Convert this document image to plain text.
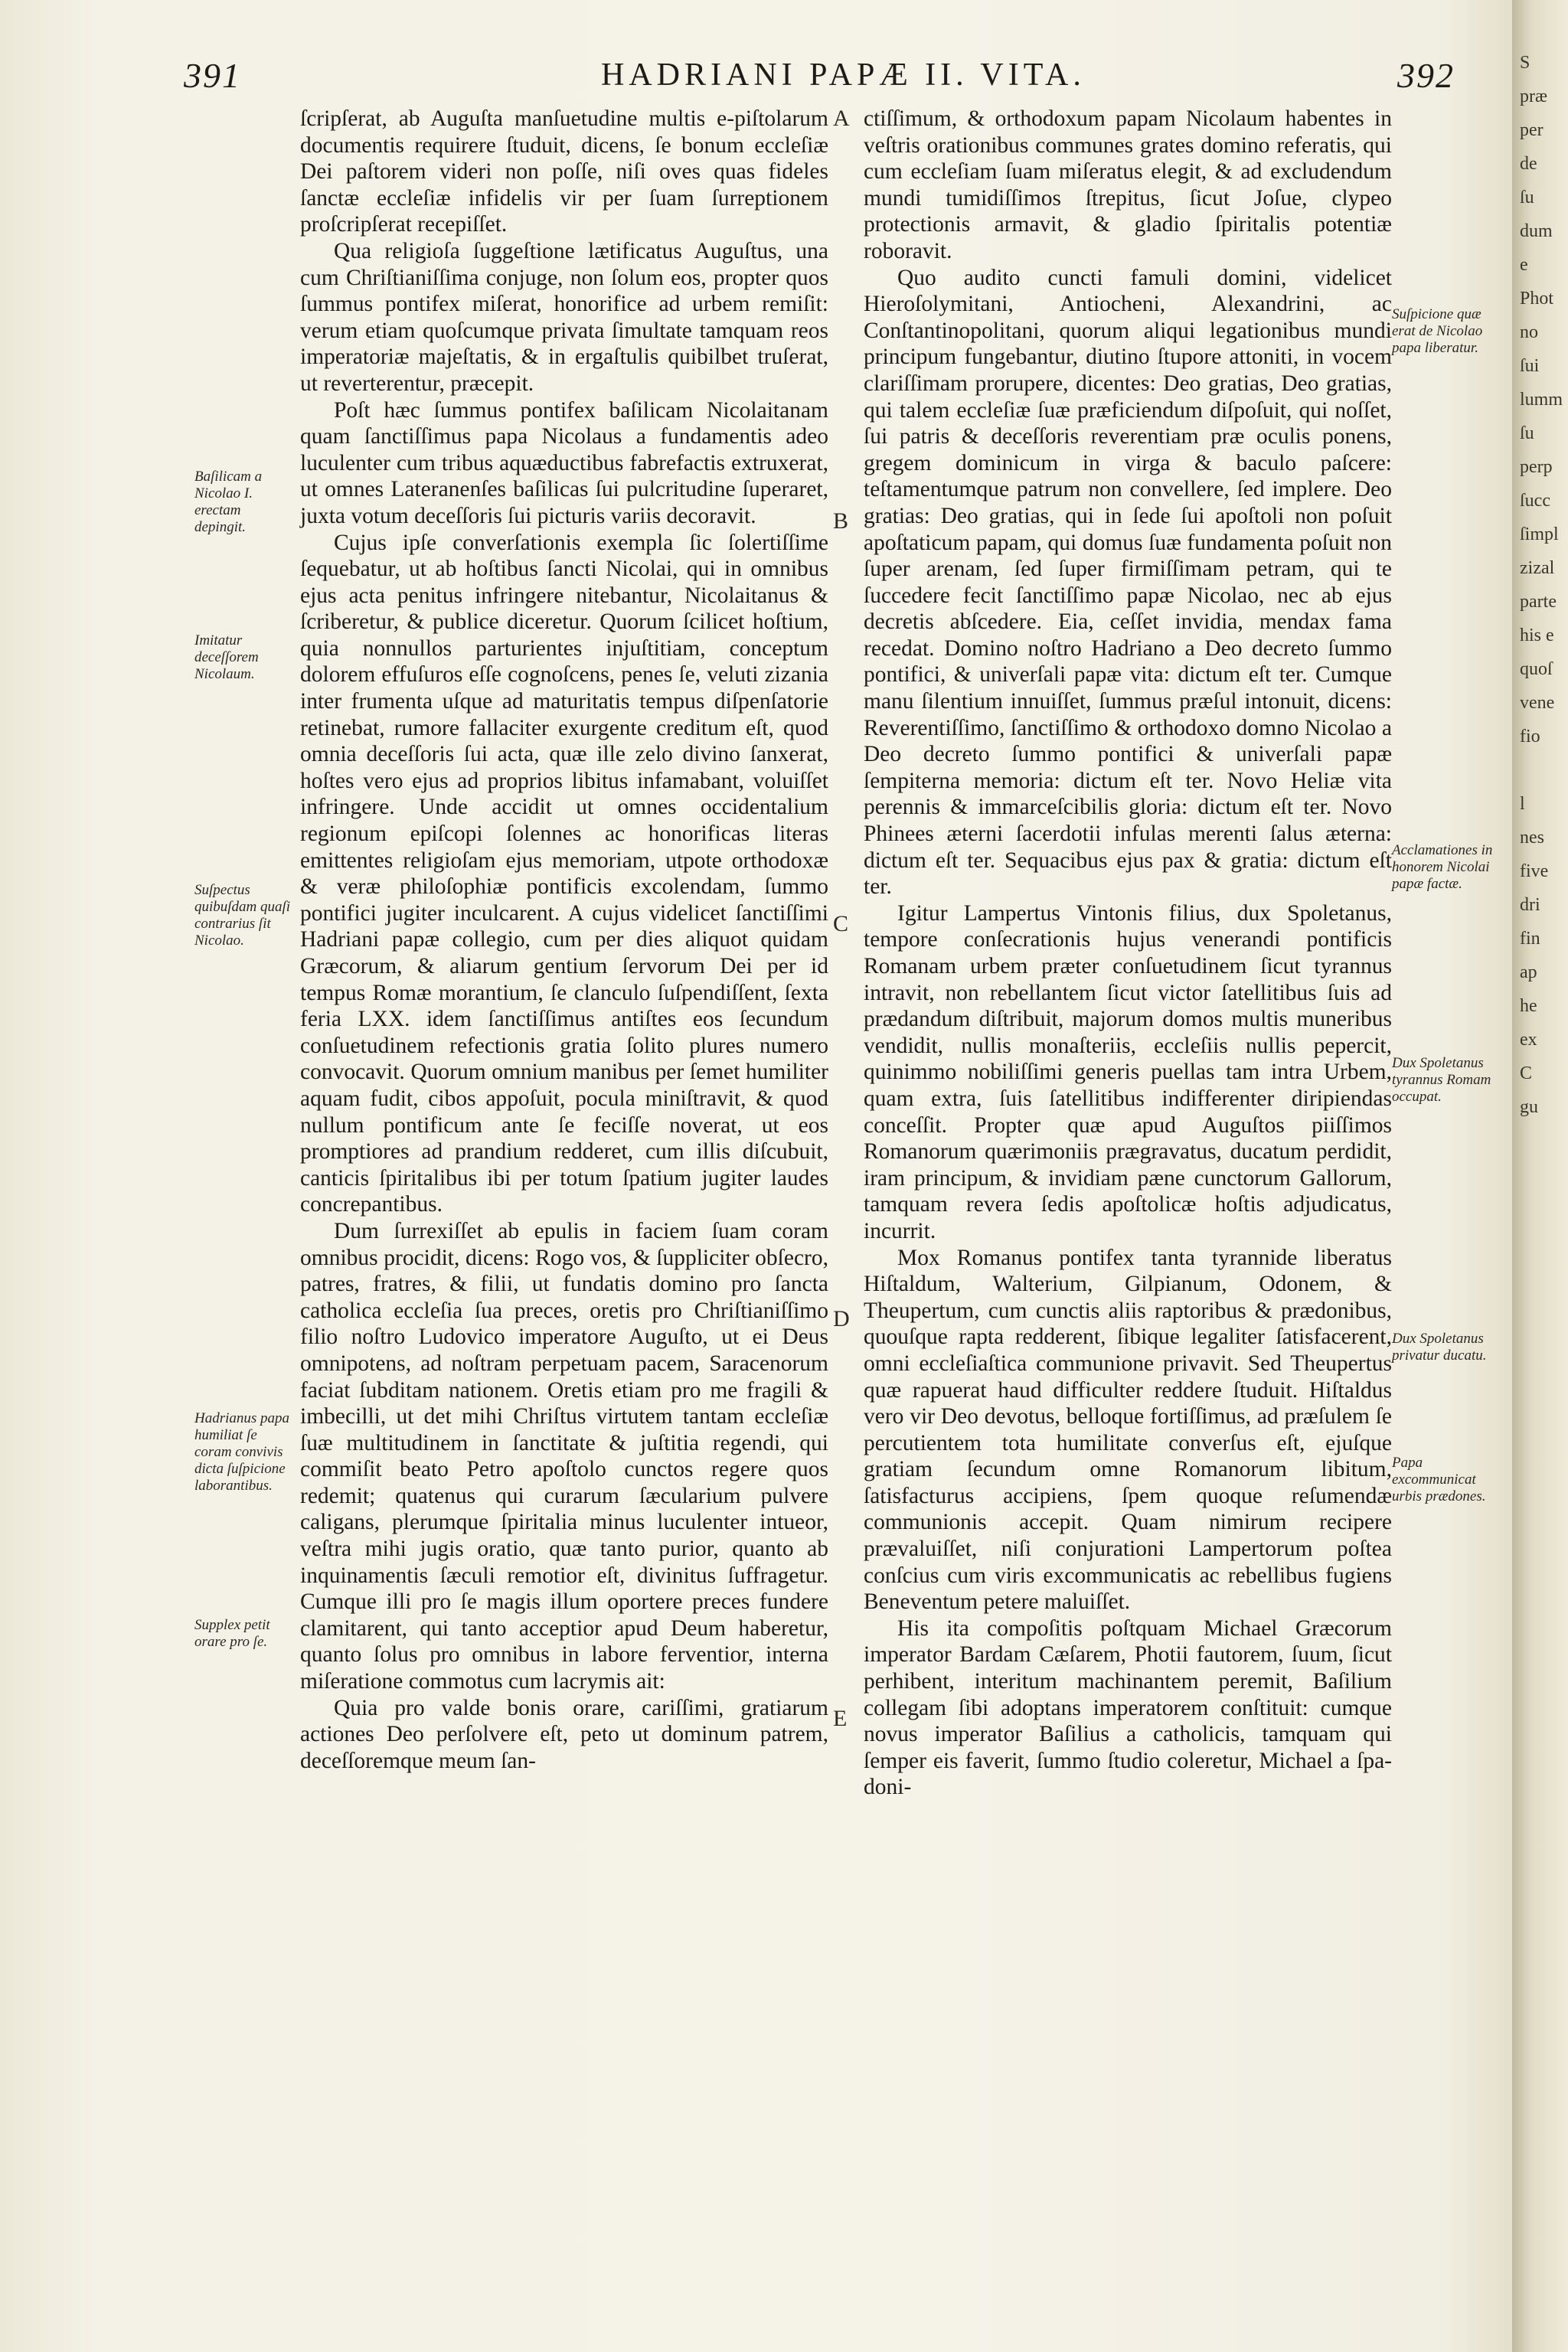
S
præ
per
de
ſu
dum
e Phot
no
ſui
lumm
ſu
perp
ſucc
ſimpl
zizal
parte
his e
quoſ
vene
fio

l
nes
five
dri
fin
ap
he
ex
C
gu

391	HADRIANI PAPÆ II. VITA.	392
Baſilicam a Nicolao I. erectam depingit.
Imitatur deceſſorem Nicolaum.
Suſpectus quibuſdam quaſi contrarius ſit Nicolao.
Hadrianus papa humiliat ſe coram convivis dicta ſuſpicione laborantibus.
Supplex petit orare pro ſe.
Suſpicione quæ erat de Nicolao papa liberatur.
Acclamationes in honorem Nicolai papæ factæ.
Dux Spoletanus tyrannus Romam occupat.
Dux Spoletanus privatur ducatu.
Papa excommunicat urbis prædones.
A
B
C
D
E

ſcripſerat, ab Auguſta manſuetudine multis e-piſtolarum documentis requirere ſtuduit, dicens, ſe bonum eccleſiæ Dei paſtorem videri non poſſe, niſi oves quas fideles ſanctæ eccleſiæ infidelis vir per ſuam ſurreptionem proſcripſerat recepiſſet.

Qua religioſa ſuggeſtione lætificatus Auguſtus, una cum Chriſtianiſſima conjuge, non ſolum eos, propter quos ſummus pontifex miſerat, honorifice ad urbem remiſit: verum etiam quoſcumque privata ſimultate tamquam reos imperatoriæ majeſtatis, & in ergaſtulis quibilbet truſerat, ut reverterentur, præcepit.

Poſt hæc ſummus pontifex baſilicam Nicolaitanam quam ſanctiſſimus papa Nicolaus a fundamentis adeo luculenter cum tribus aquæductibus fabrefactis extruxerat, ut omnes Lateranenſes baſilicas ſui pulcritudine ſuperaret, juxta votum deceſſoris ſui picturis variis decoravit.

Cujus ipſe converſationis exempla ſic ſolertiſſime ſequebatur, ut ab hoſtibus ſancti Nicolai, qui in omnibus ejus acta penitus infringere nitebantur, Nicolaitanus & ſcriberetur, & publice diceretur. Quorum ſcilicet hoſtium, quia nonnullos parturientes injuſtitiam, conceptum dolorem effuſuros eſſe cognoſcens, penes ſe, veluti zizania inter frumenta uſque ad maturitatis tempus diſpenſatorie retinebat, rumore fallaciter exurgente creditum eſt, quod omnia deceſſoris ſui acta, quæ ille zelo divino ſanxerat, hoſtes vero ejus ad proprios libitus infamabant, voluiſſet infringere. Unde accidit ut omnes occidentalium regionum epiſcopi ſolennes ac honorificas literas emittentes religioſam ejus memoriam, utpote orthodoxæ & veræ philoſophiæ pontificis excolendam, ſummo pontifici jugiter inculcarent. A cujus videlicet ſanctiſſimi Hadriani papæ collegio, cum per dies aliquot quidam Græcorum, & aliarum gentium ſervorum Dei per id tempus Romæ morantium, ſe clanculo ſuſpendiſſent, ſexta feria LXX. idem ſanctiſſimus antiſtes eos ſecundum conſuetudinem refectionis gratia ſolito plures numero convocavit. Quorum omnium manibus per ſemet humiliter aquam fudit, cibos appoſuit, pocula miniſtravit, & quod nullum pontificum ante ſe feciſſe noverat, ut eos promptiores ad prandium redderet, cum illis diſcubuit, canticis ſpiritalibus ibi per totum ſpatium jugiter laudes concrepantibus.

Dum ſurrexiſſet ab epulis in faciem ſuam coram omnibus procidit, dicens: Rogo vos, & ſuppliciter obſecro, patres, fratres, & filii, ut fundatis domino pro ſancta catholica eccleſia ſua preces, oretis pro Chriſtianiſſimo filio noſtro Ludovico imperatore Auguſto, ut ei Deus omnipotens, ad noſtram perpetuam pacem, Saracenorum faciat ſubditam nationem. Oretis etiam pro me fragili & imbecilli, ut det mihi Chriſtus virtutem tantam eccleſiæ ſuæ multitudinem in ſanctitate & juſtitia regendi, qui commiſit beato Petro apoſtolo cunctos regere quos redemit; quatenus qui curarum ſæcularium pulvere caligans, plerumque ſpiritalia minus luculenter intueor, veſtra mihi jugis oratio, quæ tanto purior, quanto ab inquinamentis ſæculi remotior eſt, divinitus ſuffragetur. Cumque illi pro ſe magis illum oportere preces fundere clamitarent, qui tanto acceptior apud Deum haberetur, quanto ſolus pro omnibus in labore ferventior, interna miſeratione commotus cum lacrymis ait:

Quia pro valde bonis orare, cariſſimi, gratiarum actiones Deo perſolvere eſt, peto ut dominum patrem, deceſſoremque meum ſan-

ctiſſimum, & orthodoxum papam Nicolaum habentes in veſtris orationibus communes grates domino referatis, qui cum eccleſiam ſuam miſeratus elegit, & ad excludendum mundi tumidiſſimos ſtrepitus, ſicut Joſue, clypeo protectionis armavit, & gladio ſpiritalis potentiæ roboravit.

Quo audito cuncti famuli domini, videlicet Hieroſolymitani, Antiocheni, Alexandrini, ac Conſtantinopolitani, quorum aliqui legationibus mundi principum fungebantur, diutino ſtupore attoniti, in vocem clariſſimam prorupere, dicentes: Deo gratias, Deo gratias, qui talem eccleſiæ ſuæ præficiendum diſpoſuit, qui noſſet, ſui patris & deceſſoris reverentiam præ oculis ponens, gregem dominicum in virga & baculo paſcere: teſtamentumque patrum non convellere, ſed implere. Deo gratias: Deo gratias, qui in ſede ſui apoſtoli non poſuit apoſtaticum papam, qui domus ſuæ fundamenta poſuit non ſuper arenam, ſed ſuper firmiſſimam petram, qui te ſuccedere fecit ſanctiſſimo papæ Nicolao, nec ab ejus decretis abſcedere. Eia, ceſſet invidia, mendax fama recedat. Domino noſtro Hadriano a Deo decreto ſummo pontifici, & univerſali papæ vita: dictum eſt ter. Cumque manu ſilentium innuiſſet, ſummus præſul intonuit, dicens: Reverentiſſimo, ſanctiſſimo & orthodoxo domno Nicolao a Deo decreto ſummo pontifici & univerſali papæ ſempiterna memoria: dictum eſt ter. Novo Heliæ vita perennis & immarceſcibilis gloria: dictum eſt ter. Novo Phinees æterni ſacerdotii infulas merenti ſalus æterna: dictum eſt ter. Sequacibus ejus pax & gratia: dictum eſt ter.

Igitur Lampertus Vintonis filius, dux Spoletanus, tempore conſecrationis hujus venerandi pontificis Romanam urbem præter conſuetudinem ſicut tyrannus intravit, non rebellantem ſicut victor ſatellitibus ſuis ad prædandum diſtribuit, majorum domos multis muneribus vendidit, nullis monaſteriis, eccleſiis nullis pepercit, quinimmo nobiliſſimi generis puellas tam intra Urbem, quam extra, ſuis ſatellitibus indifferenter diripiendas conceſſit. Propter quæ apud Auguſtos piiſſimos Romanorum quærimoniis prægravatus, ducatum perdidit, iram principum, & invidiam pæne cunctorum Gallorum, tamquam revera ſedis apoſtolicæ hoſtis adjudicatus, incurrit.

Mox Romanus pontifex tanta tyrannide liberatus Hiſtaldum, Walterium, Gilpianum, Odonem, & Theupertum, cum cunctis aliis raptoribus & prædonibus, quouſque rapta redderent, ſibique legaliter ſatisfacerent, omni eccleſiaſtica communione privavit. Sed Theupertus quæ rapuerat haud difficulter reddere ſtuduit. Hiſtaldus vero vir Deo devotus, belloque fortiſſimus, ad præſulem ſe percutientem tota humilitate converſus eſt, ejuſque gratiam ſecundum omne Romanorum libitum, ſatisfacturus accipiens, ſpem quoque reſumendæ communionis accepit. Quam nimirum recipere prævaluiſſet, niſi conjurationi Lampertorum poſtea conſcius cum viris excommunicatis ac rebellibus fugiens Beneventum petere maluiſſet.

His ita compoſitis poſtquam Michael Græcorum imperator Bardam Cæſarem, Photii fautorem, ſuum, ſicut perhibent, interitum machinantem peremit, Baſilium collegam ſibi adoptans imperatorem conſtituit: cumque novus imperator Baſilius a catholicis, tamquam qui ſemper eis faverit, ſummo ſtudio coleretur, Michael a ſpa-doni-
